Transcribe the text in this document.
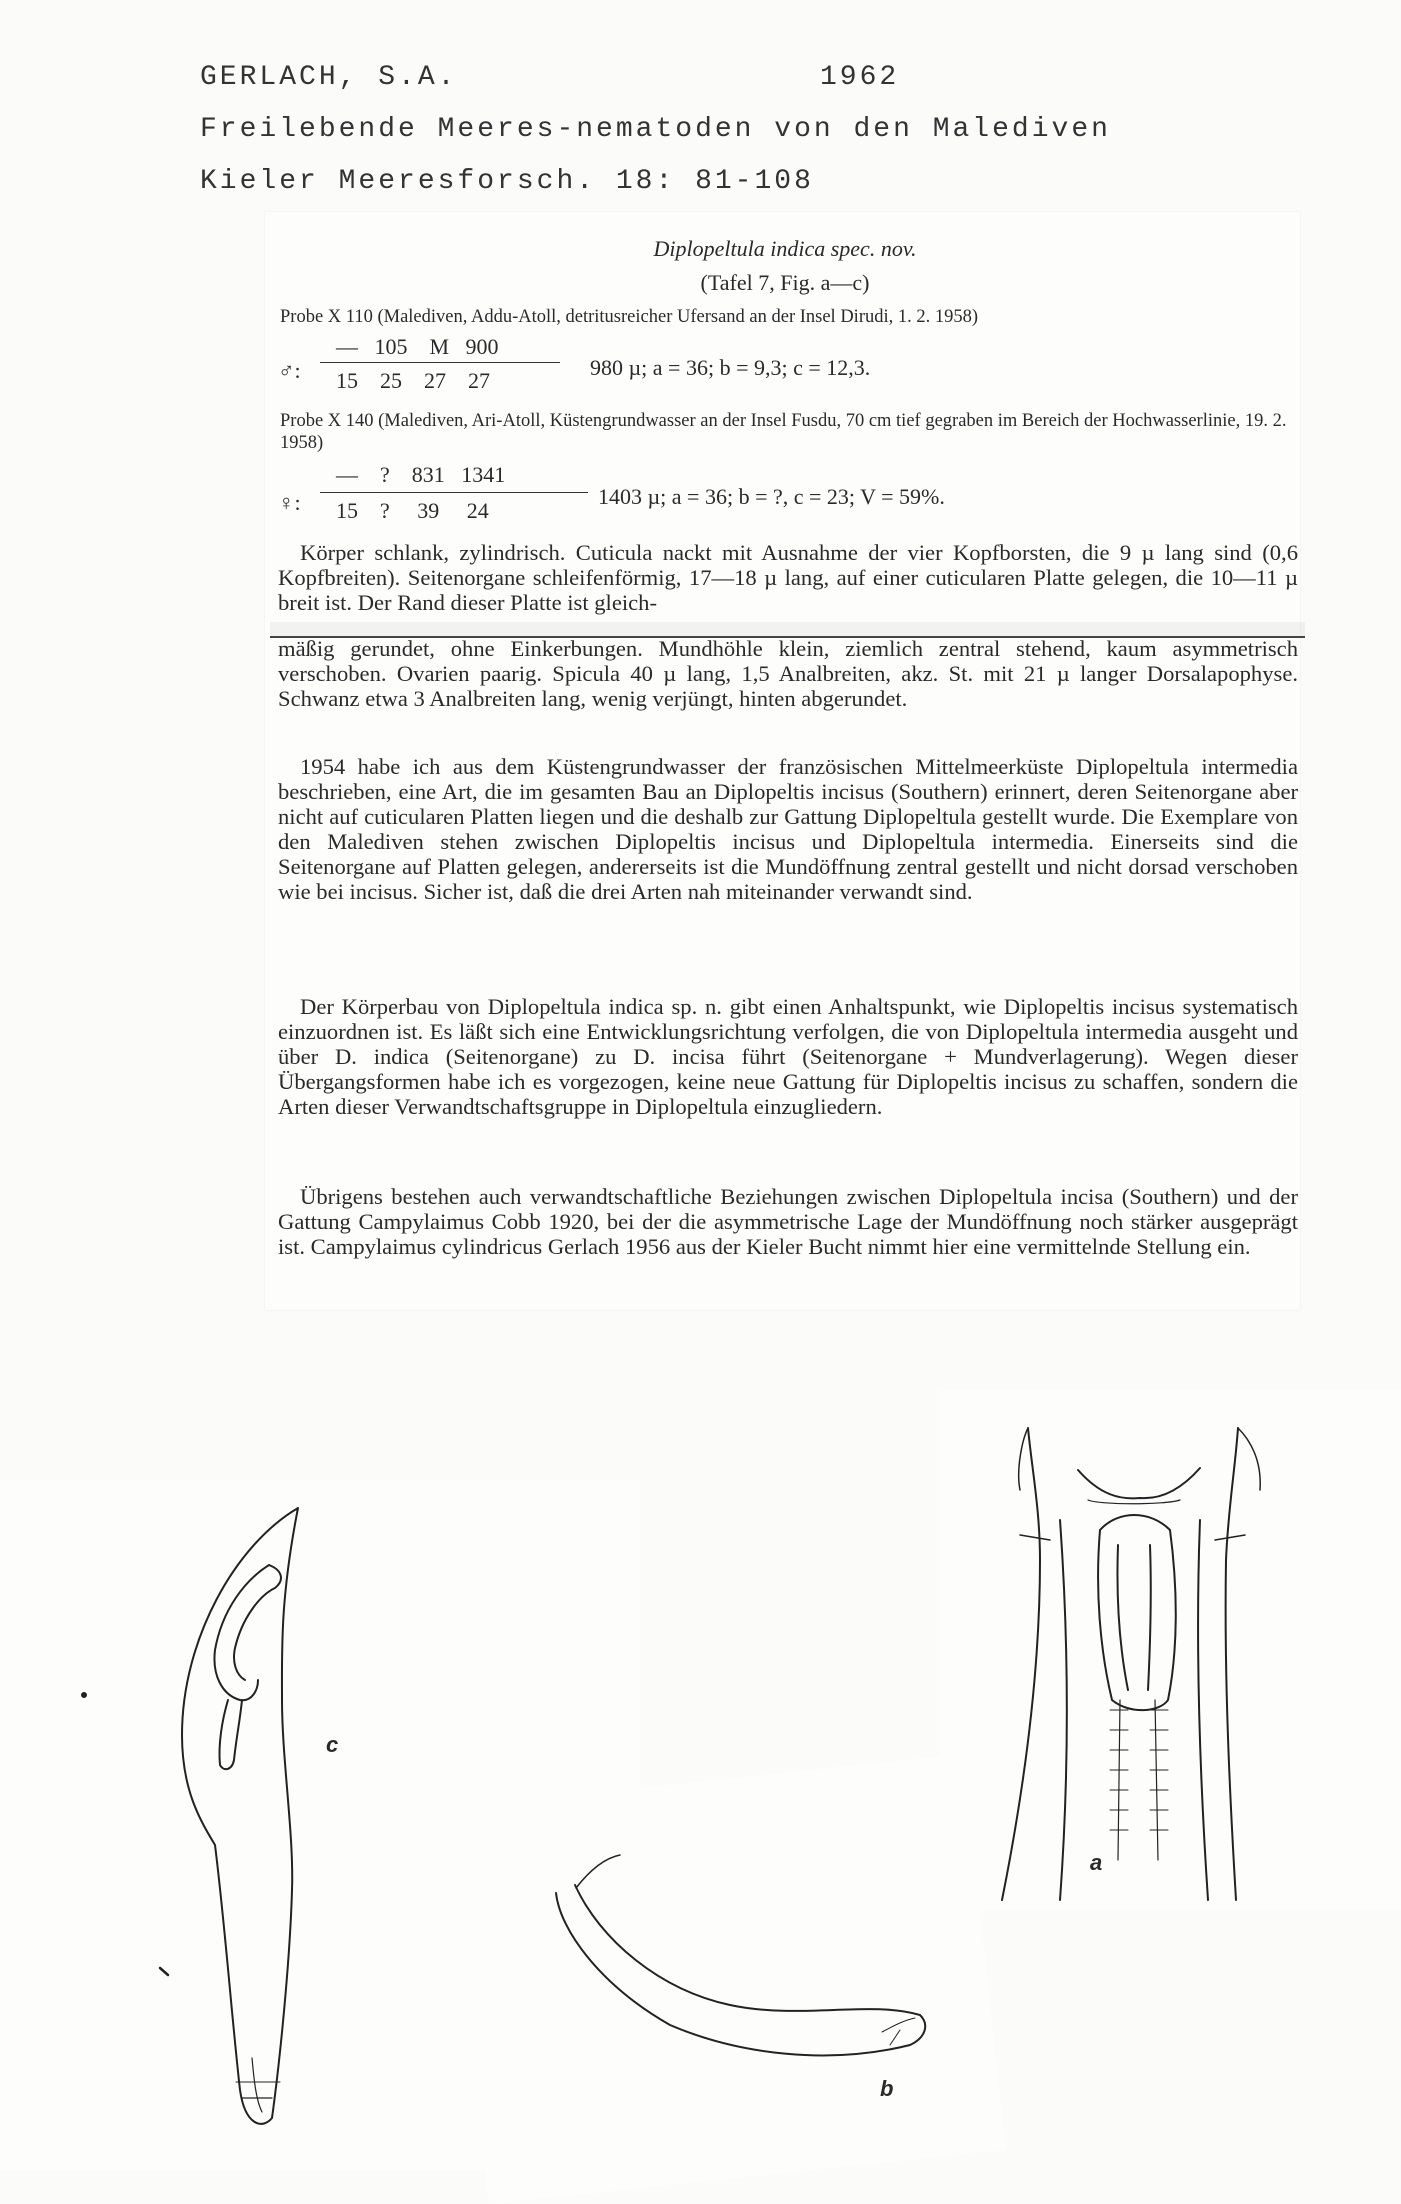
GERLACH, S.A.	1962
Freilebende Meeres-nematoden von den Malediven
Kieler Meeresforsch. 18: 81-108
Diplopeltula indica spec. nov.
(Tafel 7, Fig. a—c)
Probe X 110 (Malediven, Addu-Atoll, detritusreicher Ufersand an der Insel Dirudi, 1. 2. 1958)
♂:
—   105    M   900
15    25    27    27
980 µ; a = 36; b = 9,3; c = 12,3.
Probe X 140 (Malediven, Ari-Atoll, Küstengrundwasser an der Insel Fusdu, 70 cm tief gegraben im Bereich der Hochwasserlinie, 19. 2. 1958)
♀:
—    ?    831   1341
15    ?     39     24
1403 µ; a = 36; b = ?, c = 23; V = 59%.

Körper schlank, zylindrisch. Cuticula nackt mit Ausnahme der vier Kopfborsten, die 9 µ lang sind (0,6 Kopfbreiten). Seitenorgane schleifenförmig, 17—18 µ lang, auf einer cuticularen Platte gelegen, die 10—11 µ breit ist. Der Rand dieser Platte ist gleich-

mäßig gerundet, ohne Einkerbungen. Mundhöhle klein, ziemlich zentral stehend, kaum asymmetrisch verschoben. Ovarien paarig. Spicula 40 µ lang, 1,5 Analbreiten, akz. St. mit 21 µ langer Dorsalapophyse. Schwanz etwa 3 Analbreiten lang, wenig verjüngt, hinten abgerundet.

1954 habe ich aus dem Küstengrundwasser der französischen Mittelmeerküste Diplopeltula intermedia beschrieben, eine Art, die im gesamten Bau an Diplopeltis incisus (Southern) erinnert, deren Seitenorgane aber nicht auf cuticularen Platten liegen und die deshalb zur Gattung Diplopeltula gestellt wurde. Die Exemplare von den Malediven stehen zwischen Diplopeltis incisus und Diplopeltula intermedia. Einerseits sind die Seitenorgane auf Platten gelegen, andererseits ist die Mundöffnung zentral gestellt und nicht dorsad verschoben wie bei incisus. Sicher ist, daß die drei Arten nah miteinander verwandt sind.

Der Körperbau von Diplopeltula indica sp. n. gibt einen Anhaltspunkt, wie Diplopeltis incisus systematisch einzuordnen ist. Es läßt sich eine Entwicklungsrichtung verfolgen, die von Diplopeltula intermedia ausgeht und über D. indica (Seitenorgane) zu D. incisa führt (Seitenorgane + Mundverlagerung). Wegen dieser Übergangsformen habe ich es vorgezogen, keine neue Gattung für Diplopeltis incisus zu schaffen, sondern die Arten dieser Verwandtschaftsgruppe in Diplopeltula einzugliedern.

Übrigens bestehen auch verwandtschaftliche Beziehungen zwischen Diplopeltula incisa (Southern) und der Gattung Campylaimus Cobb 1920, bei der die asymmetrische Lage der Mundöffnung noch stärker ausgeprägt ist. Campylaimus cylindricus Gerlach 1956 aus der Kieler Bucht nimmt hier eine vermittelnde Stellung ein.

c
b
a
